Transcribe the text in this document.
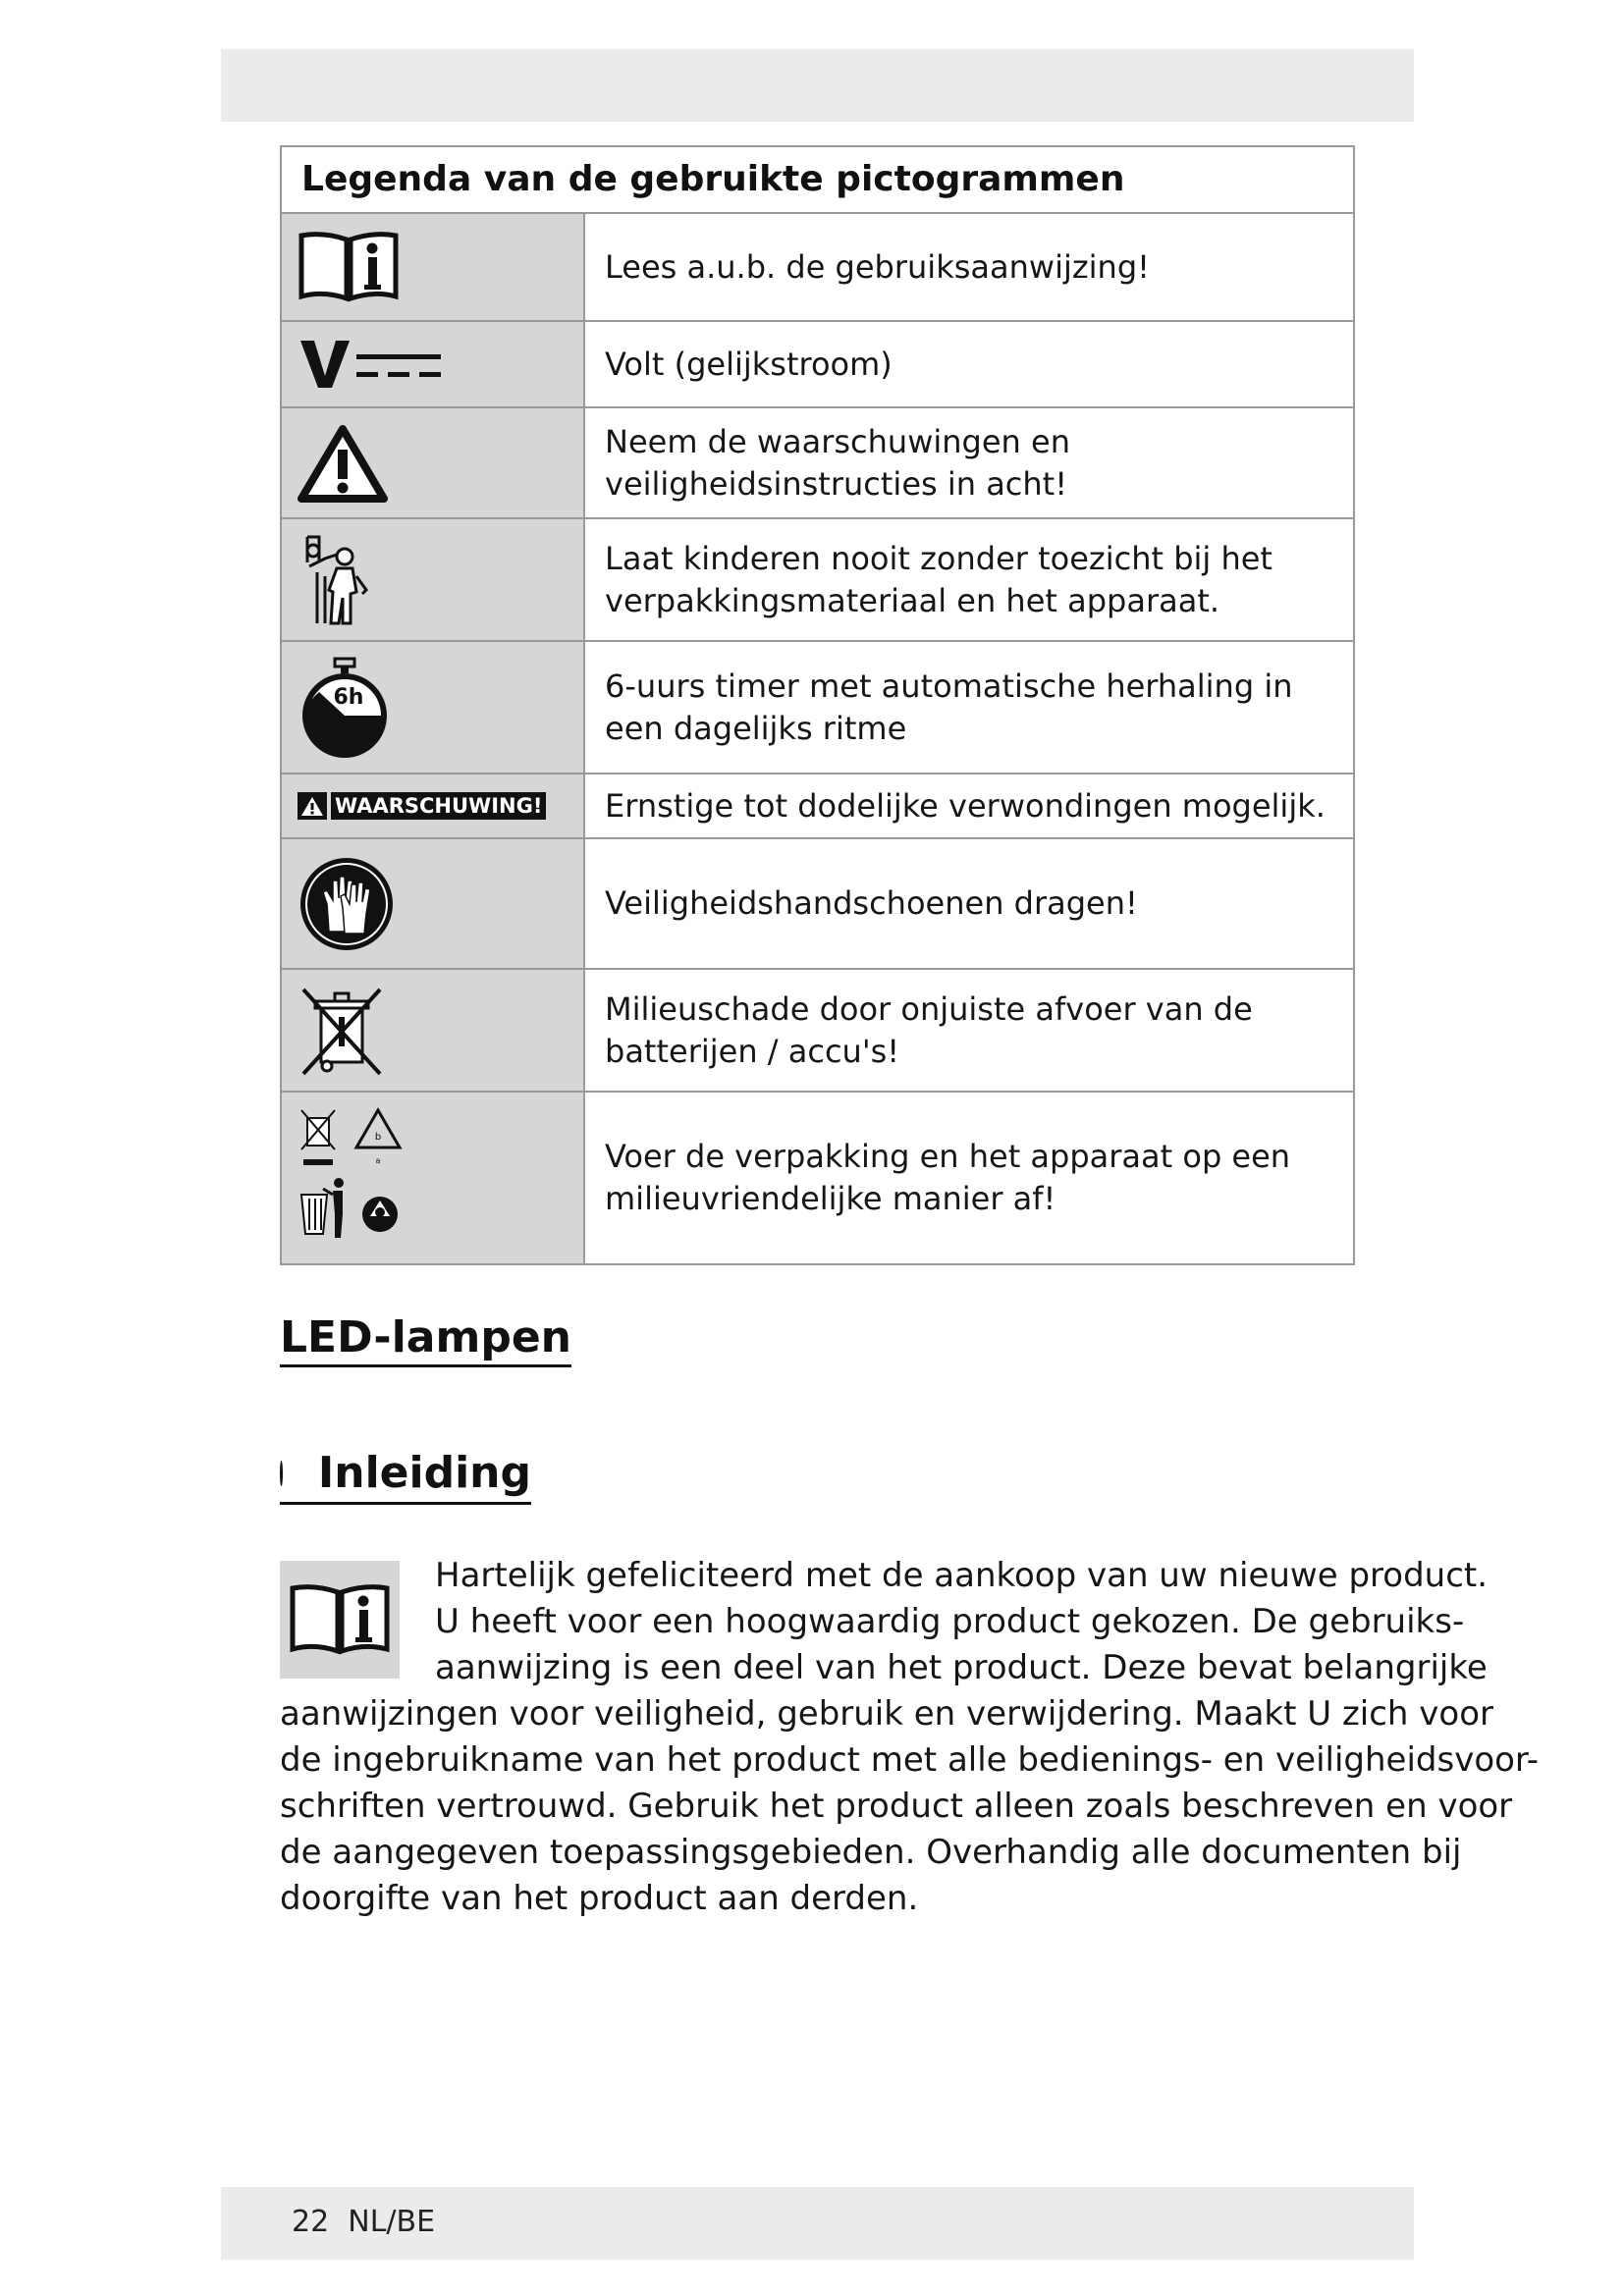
Legenda van de gebruikte pictogrammen
Lees a.u.b. de gebruiksaanwijzing!
Volt (gelijkstroom)
Neem de waarschuwingen en veiligheidsinstructies in acht!
Laat kinderen nooit zonder toezicht bij het verpakkingsmateriaal en het apparaat.
6h	6-uurs timer met automatische herhaling in een dagelijks ritme
WAARSCHUWING!	Ernstige tot dodelijke verwondingen mogelijk.
Veiligheidshandschoenen dragen!
Milieuschade door onjuiste afvoer van de batterijen / accu's!
b
a	Voer de verpakking en het apparaat op een milieuvriendelijke manier af!
LED-lampen
Inleiding
Hartelijk gefeliciteerd met de aankoop van uw nieuwe product.
U heeft voor een hoogwaardig product gekozen. De gebruiks-
aanwijzing is een deel van het product. Deze bevat belangrijke
aanwijzingen voor veiligheid, gebruik en verwijdering. Maakt U zich voor
de ingebruikname van het product met alle bedienings- en veiligheidsvoor-
schriften vertrouwd. Gebruik het product alleen zoals beschreven en voor
de aangegeven toepassingsgebieden. Overhandig alle documenten bij
doorgifte van het product aan derden.
22 NL/BE
